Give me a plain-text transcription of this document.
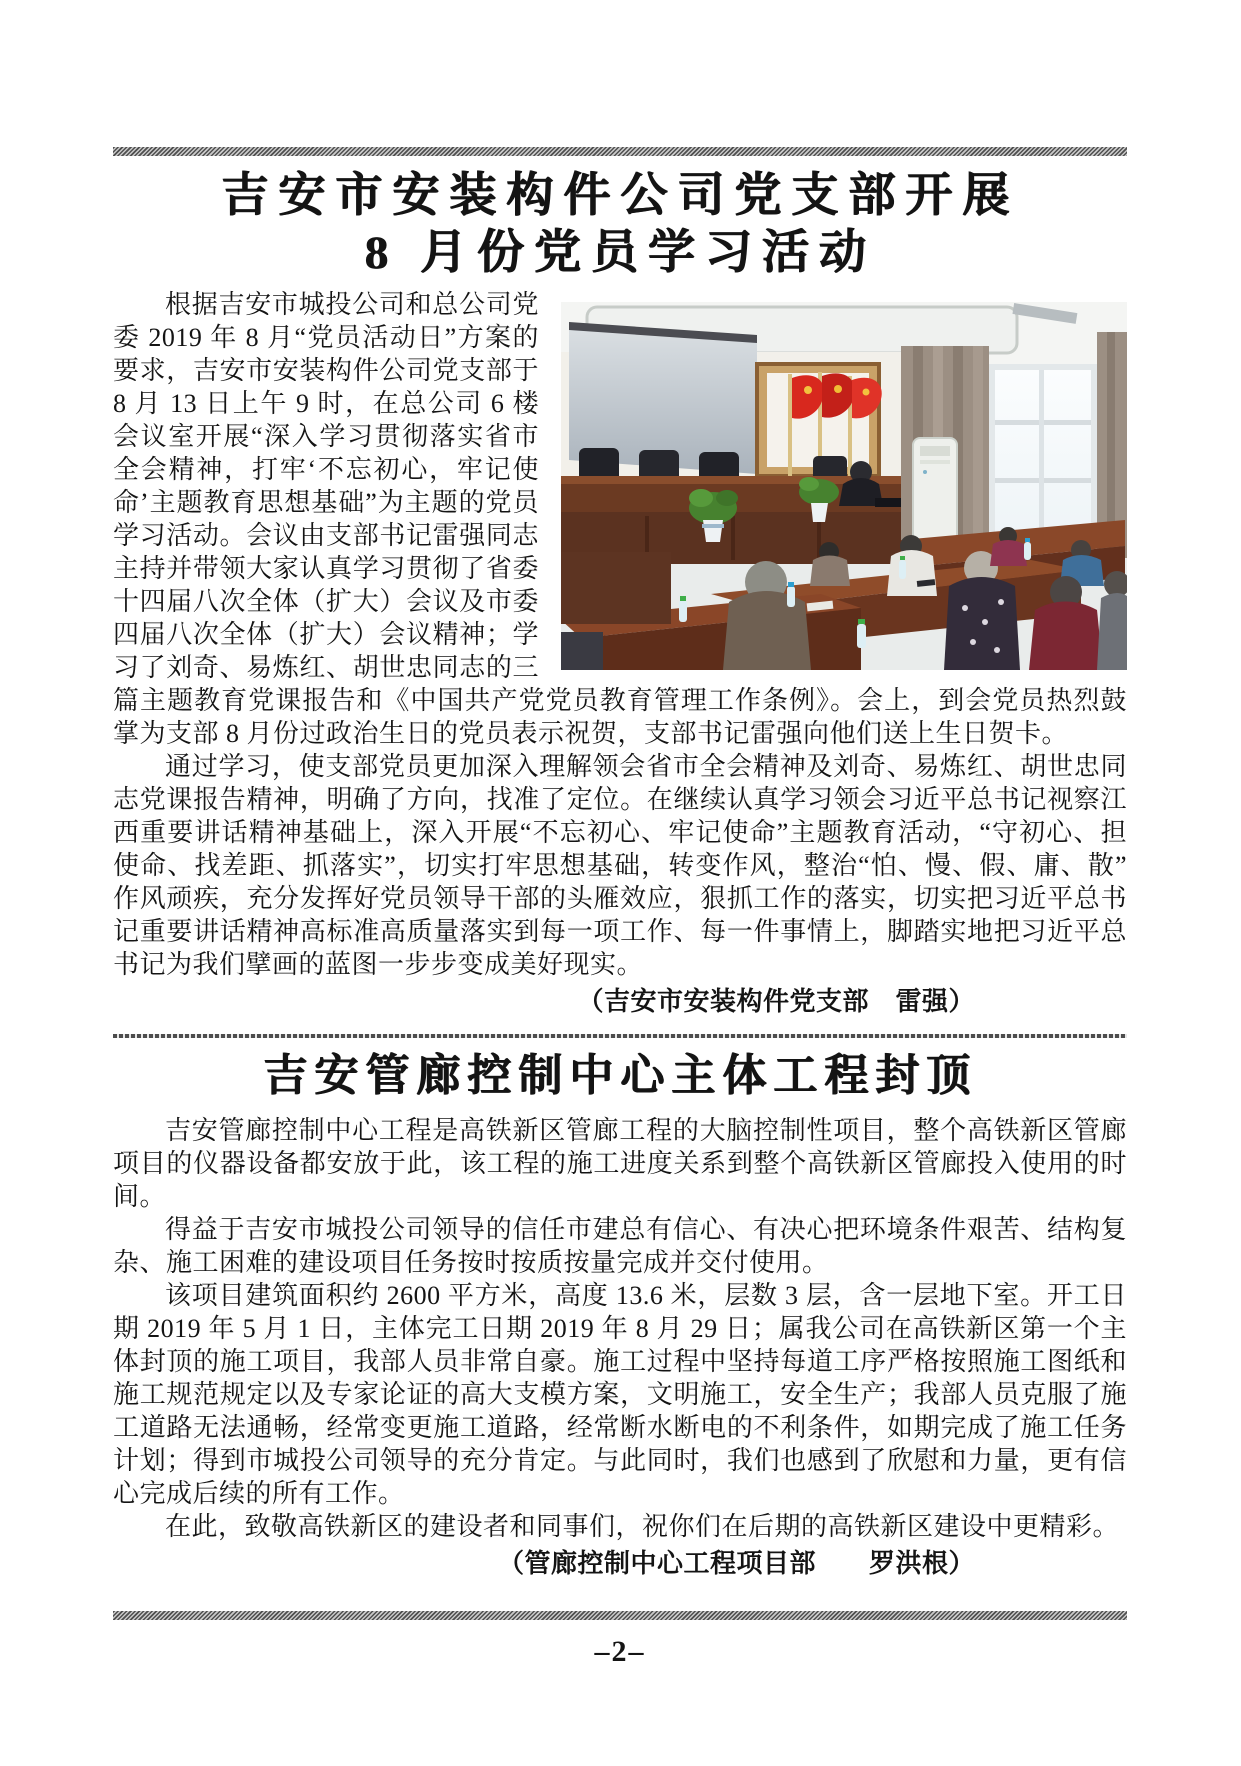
吉安市安装构件公司党支部开展
8 月份党员学习活动

根据吉安市城投公司和总公司党委 2019 年 8 月“党员活动日”方案的要求，吉安市安装构件公司党支部于 8 月 13 日上午 9 时，在总公司 6 楼会议室开展“深入学习贯彻落实省市全会精神，打牢‘不忘初心，牢记使命’主题教育思想基础”为主题的党员学习活动。会议由支部书记雷强同志主持并带领大家认真学习贯彻了省委十四届八次全体（扩大）会议及市委四届八次全体（扩大）会议精神；学习了刘奇、易炼红、胡世忠同志的三篇主题教育党课报告和《中国共产党党员教育管理工作条例》。会上，到会党员热烈鼓掌为支部 8 月份过政治生日的党员表示祝贺，支部书记雷强向他们送上生日贺卡。

通过学习，使支部党员更加深入理解领会省市全会精神及刘奇、易炼红、胡世忠同志党课报告精神，明确了方向，找准了定位。在继续认真学习领会习近平总书记视察江西重要讲话精神基础上，深入开展“不忘初心、牢记使命”主题教育活动，“守初心、担使命、找差距、抓落实”，切实打牢思想基础，转变作风，整治“怕、慢、假、庸、散”作风顽疾，充分发挥好党员领导干部的头雁效应，狠抓工作的落实，切实把习近平总书记重要讲话精神高标准高质量落实到每一项工作、每一件事情上，脚踏实地把习近平总书记为我们擘画的蓝图一步步变成美好现实。

（吉安市安装构件党支部　雷强）

吉安管廊控制中心主体工程封顶

吉安管廊控制中心工程是高铁新区管廊工程的大脑控制性项目，整个高铁新区管廊项目的仪器设备都安放于此，该工程的施工进度关系到整个高铁新区管廊投入使用的时间。

得益于吉安市城投公司领导的信任市建总有信心、有决心把环境条件艰苦、结构复杂、施工困难的建设项目任务按时按质按量完成并交付使用。

该项目建筑面积约 2600 平方米，高度 13.6 米，层数 3 层，含一层地下室。开工日期 2019 年 5 月 1 日，主体完工日期 2019 年 8 月 29 日；属我公司在高铁新区第一个主体封顶的施工项目，我部人员非常自豪。施工过程中坚持每道工序严格按照施工图纸和施工规范规定以及专家论证的高大支模方案，文明施工，安全生产；我部人员克服了施工道路无法通畅，经常变更施工道路，经常断水断电的不利条件，如期完成了施工任务计划；得到市城投公司领导的充分肯定。与此同时，我们也感到了欣慰和力量，更有信心完成后续的所有工作。

在此，致敬高铁新区的建设者和同事们，祝你们在后期的高铁新区建设中更精彩。

（管廊控制中心工程项目部　　罗洪根）

–2–
